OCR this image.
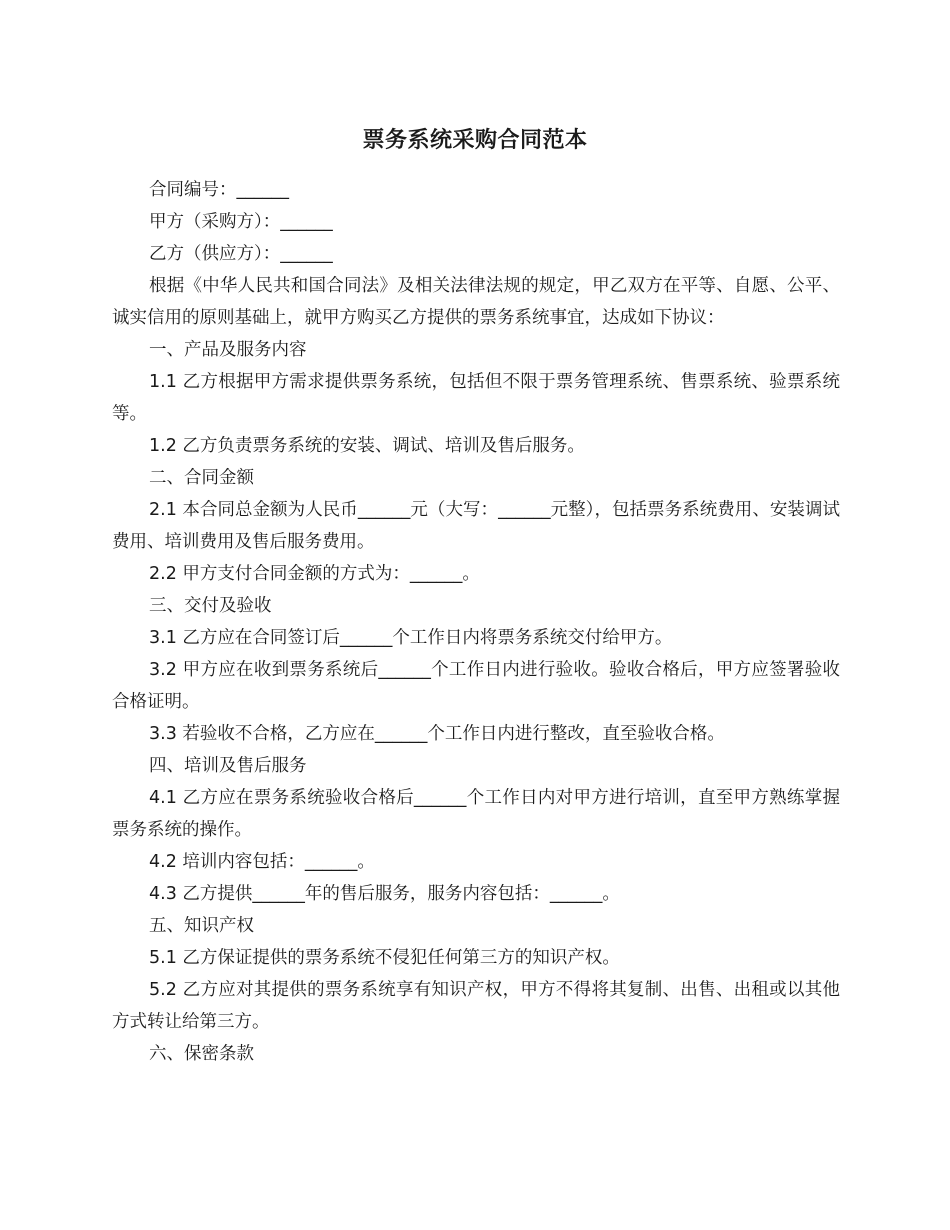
票务系统采购合同范本

合同编号：______

甲方（采购方）：______

乙方（供应方）：______

根据《中华人民共和国合同法》及相关法律法规的规定，甲乙双方在平等、自愿、公平、诚实信用的原则基础上，就甲方购买乙方提供的票务系统事宜，达成如下协议：

一、产品及服务内容

1.1 乙方根据甲方需求提供票务系统，包括但不限于票务管理系统、售票系统、验票系统等。

1.2 乙方负责票务系统的安装、调试、培训及售后服务。

二、合同金额

2.1 本合同总金额为人民币______元（大写：______元整），包括票务系统费用、安装调试费用、培训费用及售后服务费用。

2.2 甲方支付合同金额的方式为：______。

三、交付及验收

3.1 乙方应在合同签订后______个工作日内将票务系统交付给甲方。

3.2 甲方应在收到票务系统后______个工作日内进行验收。验收合格后，甲方应签署验收合格证明。

3.3 若验收不合格，乙方应在______个工作日内进行整改，直至验收合格。

四、培训及售后服务

4.1 乙方应在票务系统验收合格后______个工作日内对甲方进行培训，直至甲方熟练掌握票务系统的操作。

4.2 培训内容包括：______。

4.3 乙方提供______年的售后服务，服务内容包括：______。

五、知识产权

5.1 乙方保证提供的票务系统不侵犯任何第三方的知识产权。

5.2 乙方应对其提供的票务系统享有知识产权，甲方不得将其复制、出售、出租或以其他方式转让给第三方。

六、保密条款
